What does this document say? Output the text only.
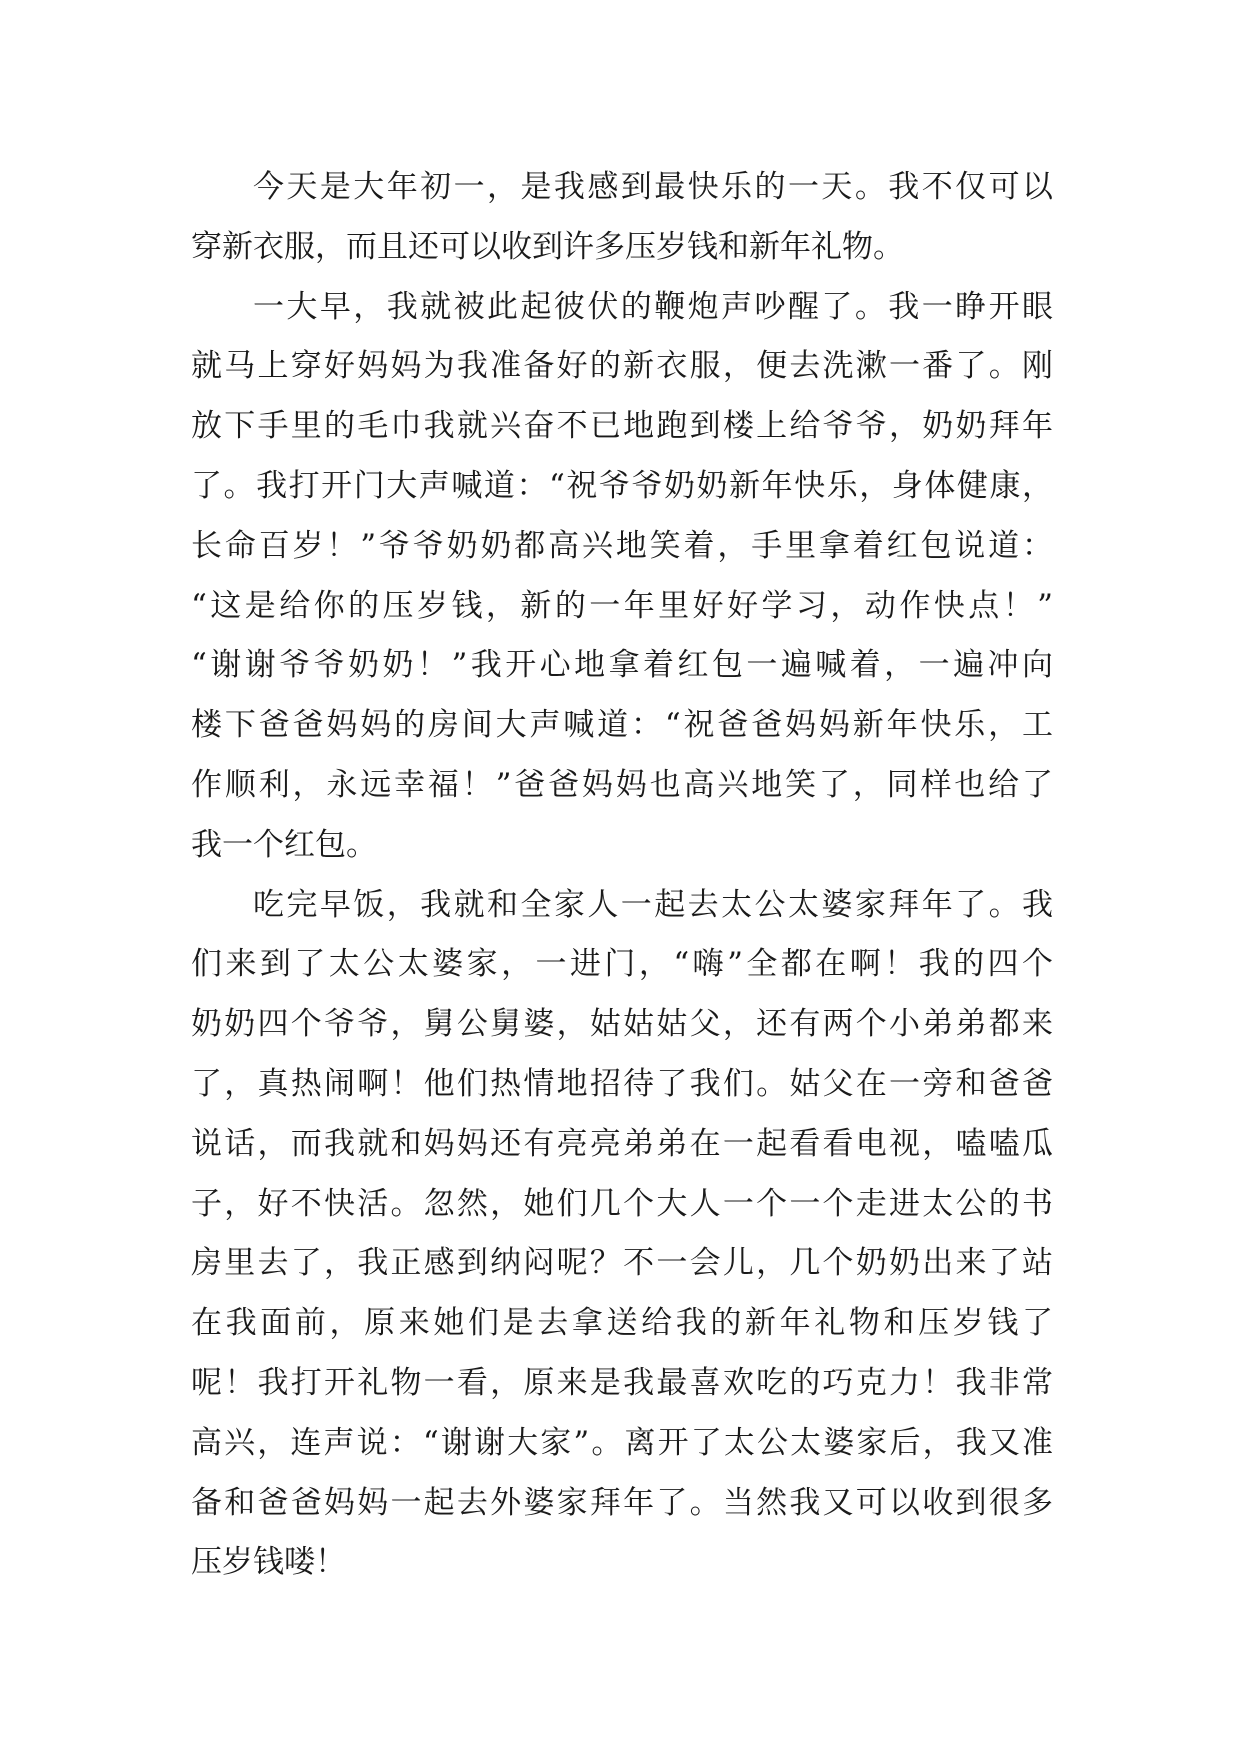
今天是大年初一，是我感到最快乐的一天。我不仅可以
穿新衣服，而且还可以收到许多压岁钱和新年礼物。
一大早，我就被此起彼伏的鞭炮声吵醒了。我一睁开眼
就马上穿好妈妈为我准备好的新衣服，便去洗漱一番了。刚
放下手里的毛巾我就兴奋不已地跑到楼上给爷爷，奶奶拜年
了。我打开门大声喊道：“祝爷爷奶奶新年快乐，身体健康，
长命百岁！”爷爷奶奶都高兴地笑着，手里拿着红包说道：
“这是给你的压岁钱，新的一年里好好学习，动作快点！”
“谢谢爷爷奶奶！”我开心地拿着红包一遍喊着，一遍冲向
楼下爸爸妈妈的房间大声喊道：“祝爸爸妈妈新年快乐，工
作顺利，永远幸福！”爸爸妈妈也高兴地笑了，同样也给了
我一个红包。
吃完早饭，我就和全家人一起去太公太婆家拜年了。我
们来到了太公太婆家，一进门，“嗨”全都在啊！我的四个
奶奶四个爷爷，舅公舅婆，姑姑姑父，还有两个小弟弟都来
了，真热闹啊！他们热情地招待了我们。姑父在一旁和爸爸
说话，而我就和妈妈还有亮亮弟弟在一起看看电视，嗑嗑瓜
子，好不快活。忽然，她们几个大人一个一个走进太公的书
房里去了，我正感到纳闷呢？不一会儿，几个奶奶出来了站
在我面前，原来她们是去拿送给我的新年礼物和压岁钱了
呢！我打开礼物一看，原来是我最喜欢吃的巧克力！我非常
高兴，连声说：“谢谢大家”。离开了太公太婆家后，我又准
备和爸爸妈妈一起去外婆家拜年了。当然我又可以收到很多
压岁钱喽！
